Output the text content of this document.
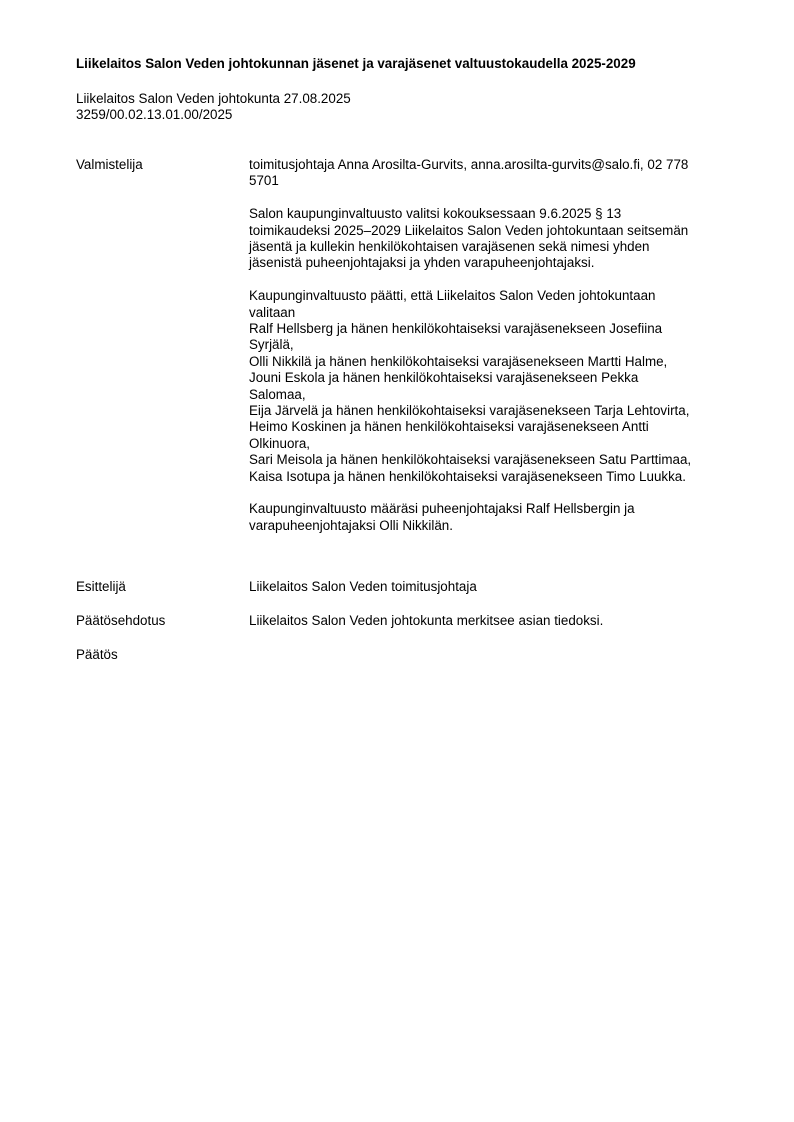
Liikelaitos Salon Veden johtokunnan jäsenet ja varajäsenet valtuustokaudella 2025-2029
Liikelaitos Salon Veden johtokunta 27.08.2025
3259/00.02.13.01.00/2025
Valmistelija	toimitusjohtaja Anna Arosilta-Gurvits, anna.arosilta-gurvits@salo.fi, 02 778
5701
Salon kaupunginvaltuusto valitsi kokouksessaan 9.6.2025 § 13
toimikaudeksi 2025–2029 Liikelaitos Salon Veden johtokuntaan seitsemän
jäsentä ja kullekin henkilökohtaisen varajäsenen sekä nimesi yhden
jäsenistä puheenjohtajaksi ja yhden varapuheenjohtajaksi.
Kaupunginvaltuusto päätti, että Liikelaitos Salon Veden johtokuntaan
valitaan
Ralf Hellsberg ja hänen henkilökohtaiseksi varajäsenekseen Josefiina
Syrjälä,
Olli Nikkilä ja hänen henkilökohtaiseksi varajäsenekseen Martti Halme,
Jouni Eskola ja hänen henkilökohtaiseksi varajäsenekseen Pekka
Salomaa,
Eija Järvelä ja hänen henkilökohtaiseksi varajäsenekseen Tarja Lehtovirta,
Heimo Koskinen ja hänen henkilökohtaiseksi varajäsenekseen Antti
Olkinuora,
Sari Meisola ja hänen henkilökohtaiseksi varajäsenekseen Satu Parttimaa,
Kaisa Isotupa ja hänen henkilökohtaiseksi varajäsenekseen Timo Luukka.
Kaupunginvaltuusto määräsi puheenjohtajaksi Ralf Hellsbergin ja
varapuheenjohtajaksi Olli Nikkilän.
Esittelijä	Liikelaitos Salon Veden toimitusjohtaja
Päätösehdotus	Liikelaitos Salon Veden johtokunta merkitsee asian tiedoksi.
Päätös
